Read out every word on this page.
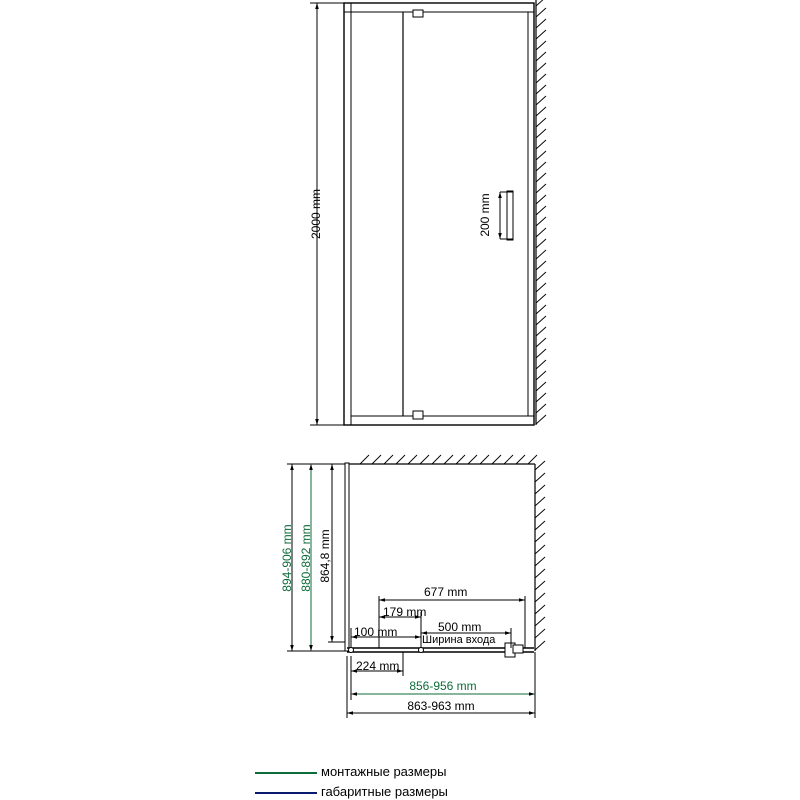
2000 mm	200 mm
894-906 mm 880-892 mm 864,8 mm
677 mm
179 mm
100 mm	500 mm
Ширина входа
224 mm
856-956 mm
863-963 mm
монтажные размеры
габаритные размеры
